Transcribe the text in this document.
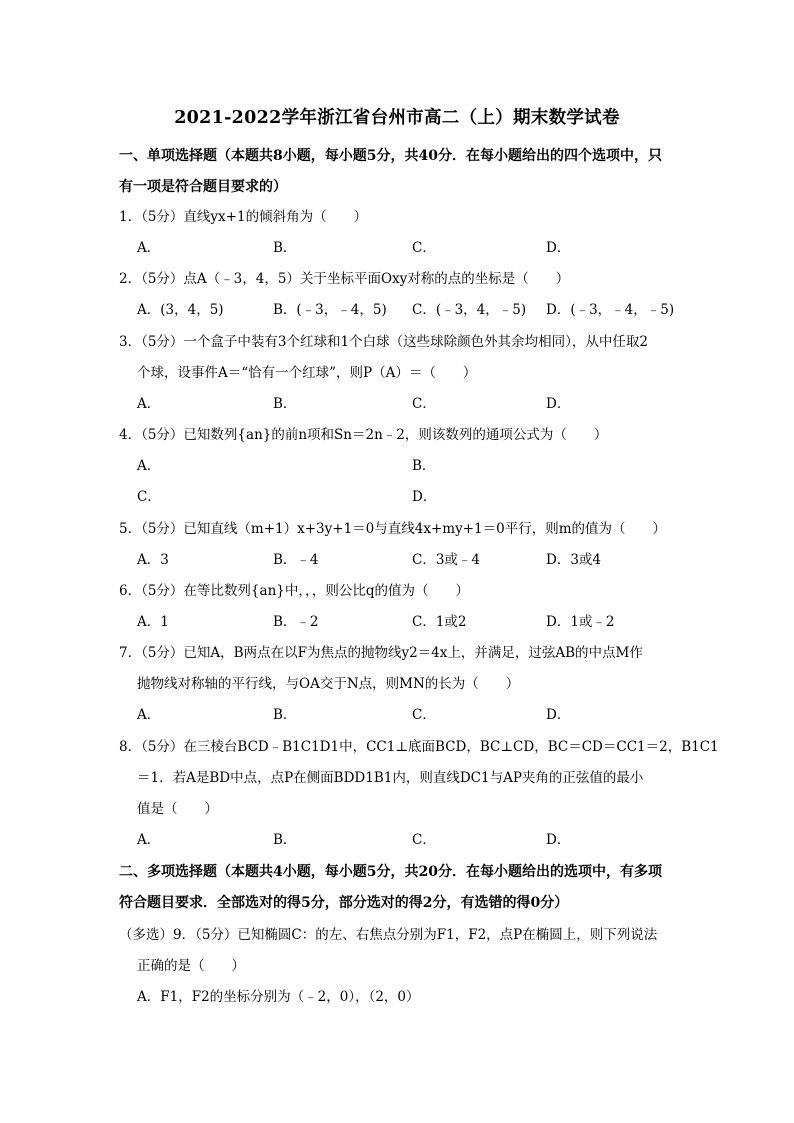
2021-2022学年浙江省台州市高二（上）期末数学试卷
一、单项选择题（本题共8小题，每小题5分，共40分．在每小题给出的四个选项中，只
有一项是符合题目要求的）
1．（5分）直线yx+1的倾斜角为（　　）
A．	B．	C．	D．
2．（5分）点A（﹣3，4，5）关于坐标平面Oxy对称的点的坐标是（　　）
A．(3，4，5)	B．(﹣3，﹣4，5) C．(﹣3，4，﹣5) D．(﹣3，﹣4，﹣5)
3．（5分）一个盒子中装有3个红球和1个白球（这些球除颜色外其余均相同），从中任取2
个球，设事件A＝“恰有一个红球”，则P（A）＝（　　）
A．	B．	C．	D．
4．（5分）已知数列{an}的前n项和Sn＝2n﹣2，则该数列的通项公式为（　　）
A．	B．
C．	D．
5．（5分）已知直线（m+1）x+3y+1＝0与直线4x+my+1＝0平行，则m的值为（　　）
A．3	B．﹣4	C．3或﹣4	D．3或4
6．（5分）在等比数列{an}中，，，则公比q的值为（　　）
A．1	B．﹣2	C．1或2	D．1或﹣2
7．（5分）已知A，B两点在以F为焦点的抛物线y2＝4x上，并满足，过弦AB的中点M作
抛物线对称轴的平行线，与OA交于N点，则MN的长为（　　）
A．	B．	C．	D．
8．（5分）在三棱台BCD﹣B1C1D1中，CC1⊥底面BCD，BC⊥CD，BC＝CD＝CC1＝2，B1C1
＝1．若A是BD中点，点P在侧面BDD1B1内，则直线DC1与AP夹角的正弦值的最小
值是（　　）
A．	B．	C．	D．
二、多项选择题（本题共4小题，每小题5分，共20分．在每小题给出的选项中，有多项
符合题目要求．全部选对的得5分，部分选对的得2分，有选错的得0分）
（多选）9．（5分）已知椭圆C：的左、右焦点分别为F1，F2，点P在椭圆上，则下列说法
正确的是（　　）
A．F1，F2的坐标分别为（﹣2，0），（2，0）
